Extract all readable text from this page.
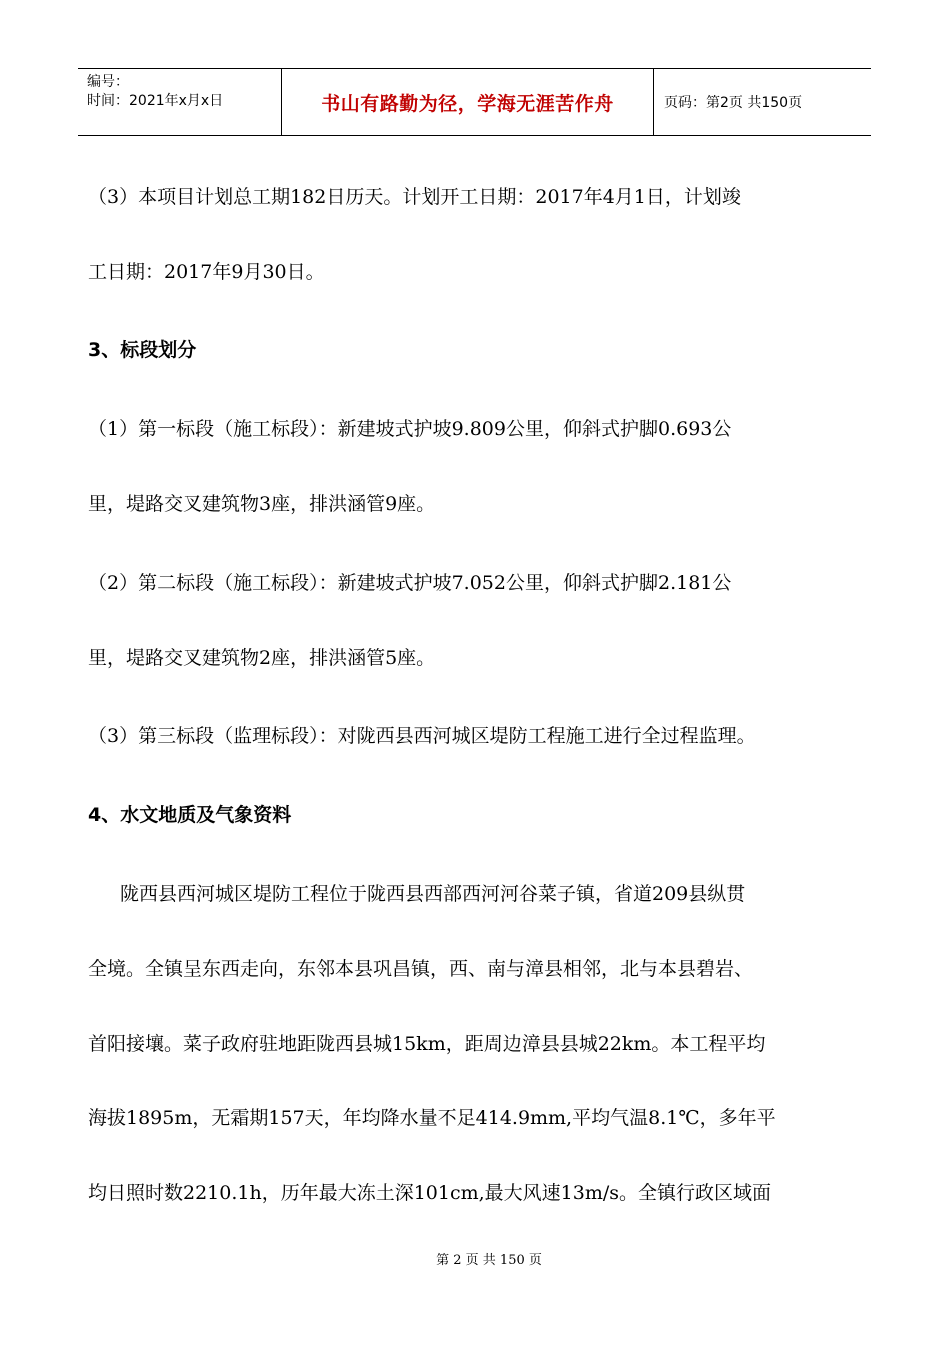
编号：
时间：2021年x月x日	书山有路勤为径，学海无涯苦作舟	页码：第2页 共150页
（3）本项目计划总工期182日历天。计划开工日期：2017年4月1日，计划竣
工日期：2017年9月30日。
3、标段划分
（1）第一标段（施工标段）：新建坡式护坡9.809公里，仰斜式护脚0.693公
里，堤路交叉建筑物3座，排洪涵管9座。
（2）第二标段（施工标段）：新建坡式护坡7.052公里，仰斜式护脚2.181公
里，堤路交叉建筑物2座，排洪涵管5座。
（3）第三标段（监理标段）：对陇西县西河城区堤防工程施工进行全过程监理。
4、水文地质及气象资料
陇西县西河城区堤防工程位于陇西县西部西河河谷菜子镇，省道209县纵贯
全境。全镇呈东西走向，东邻本县巩昌镇，西、南与漳县相邻，北与本县碧岩、
首阳接壤。菜子政府驻地距陇西县城15km，距周边漳县县城22km。本工程平均
海拔1895m，无霜期157天，年均降水量不足414.9mm,平均气温8.1℃，多年平
均日照时数2210.1h，历年最大冻土深101cm,最大风速13m/s。全镇行政区域面
第 2 页 共 150 页
